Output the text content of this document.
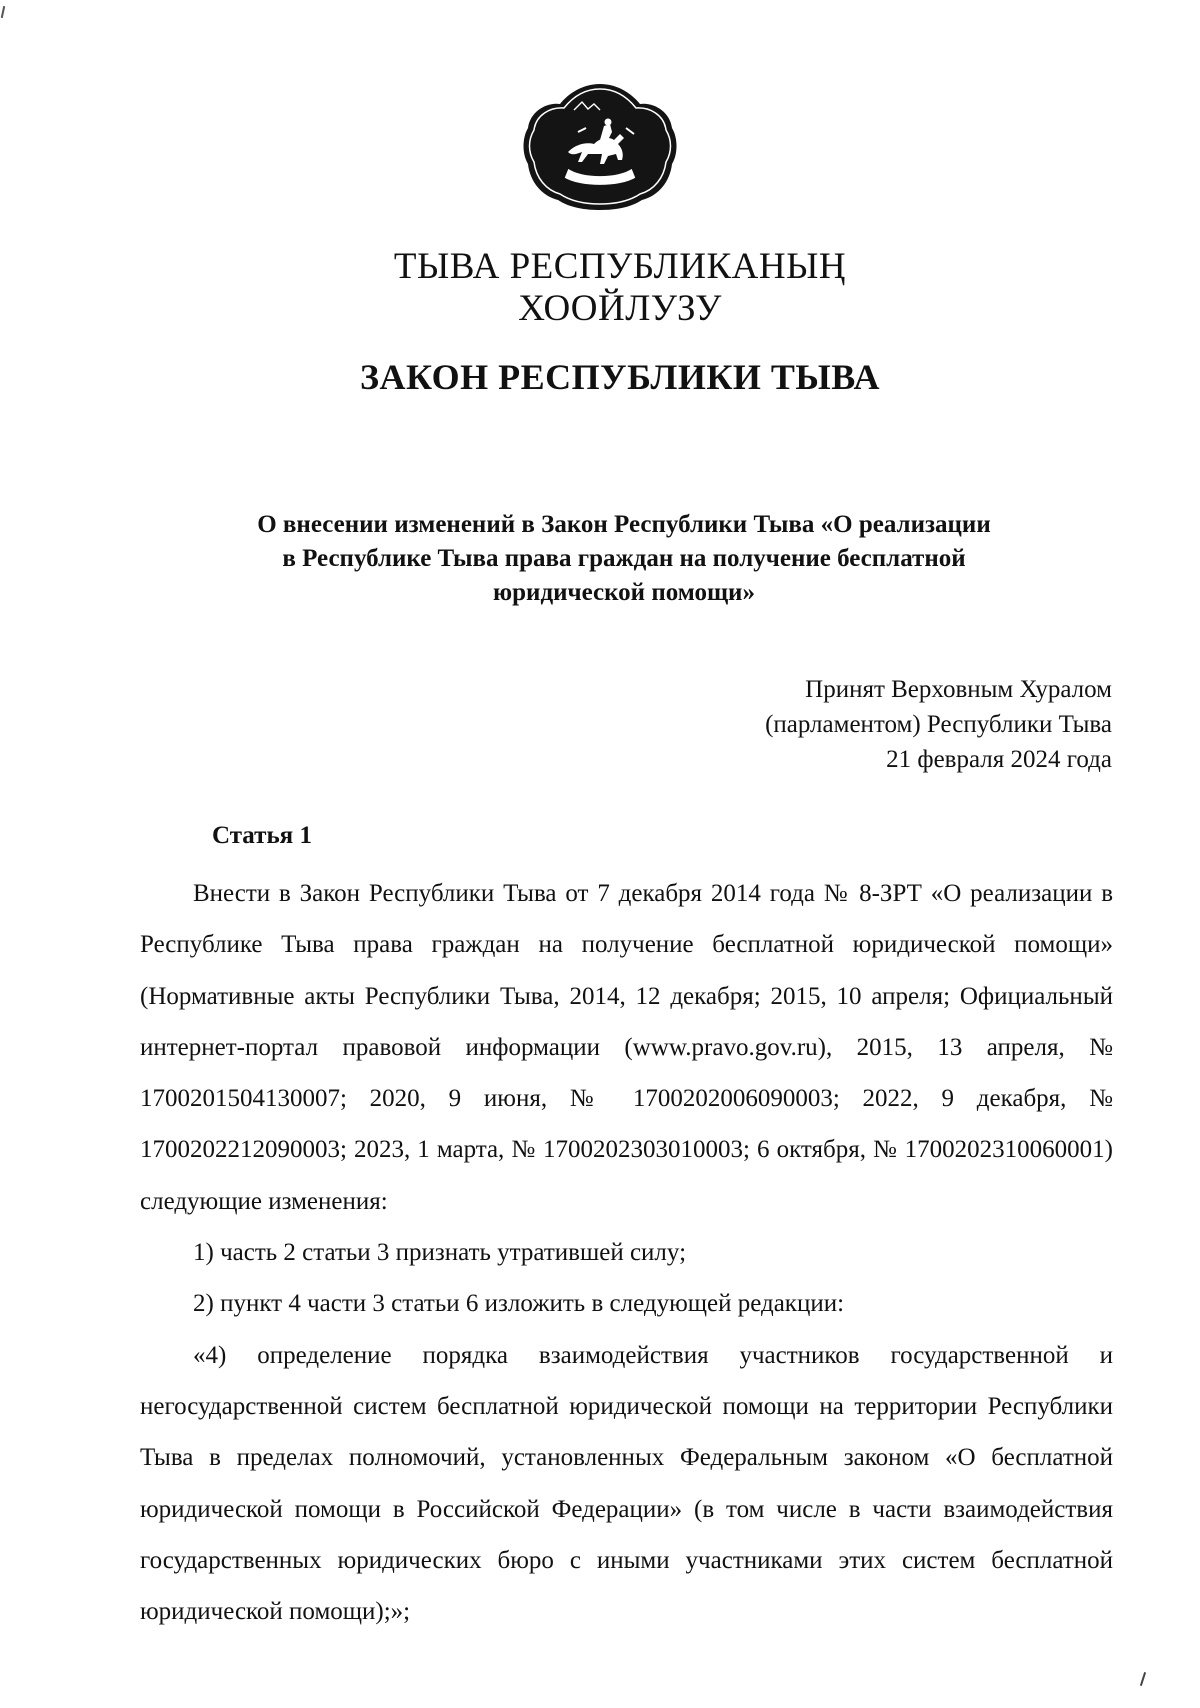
ТЫВА РЕСПУБЛИКАНЫҢ
ХООЙЛУЗУ
ЗАКОН РЕСПУБЛИКИ ТЫВА
О внесении изменений в Закон Республики Тыва «О реализации
в Республике Тыва права граждан на получение бесплатной
юридической помощи»
Принят Верховным Хуралом
(парламентом) Республики Тыва
21 февраля 2024 года
Статья 1

Внести в Закон Республики Тыва от 7 декабря 2014 года № 8-ЗРТ «О реализации в Республике Тыва права граждан на получение бесплатной юридической помощи» (Нормативные акты Республики Тыва, 2014, 12 декабря; 2015, 10 апреля; Официальный интернет-портал правовой информации (www.pravo.gov.ru), 2015, 13 апреля, № 1700201504130007; 2020, 9 июня, № 1700202006090003; 2022, 9 декабря, № 1700202212090003; 2023, 1 марта, № 1700202303010003; 6 октября, № 1700202310060001) следующие изменения:

1) часть 2 статьи 3 признать утратившей силу;

2) пункт 4 части 3 статьи 6 изложить в следующей редакции:

«4) определение порядка взаимодействия участников государственной и негосударственной систем бесплатной юридической помощи на территории Республики Тыва в пределах полномочий, установленных Федеральным законом «О бесплатной юридической помощи в Российской Федерации» (в том числе в части взаимодействия государственных юридических бюро с иными участниками этих систем бесплатной юридической помощи);»;
